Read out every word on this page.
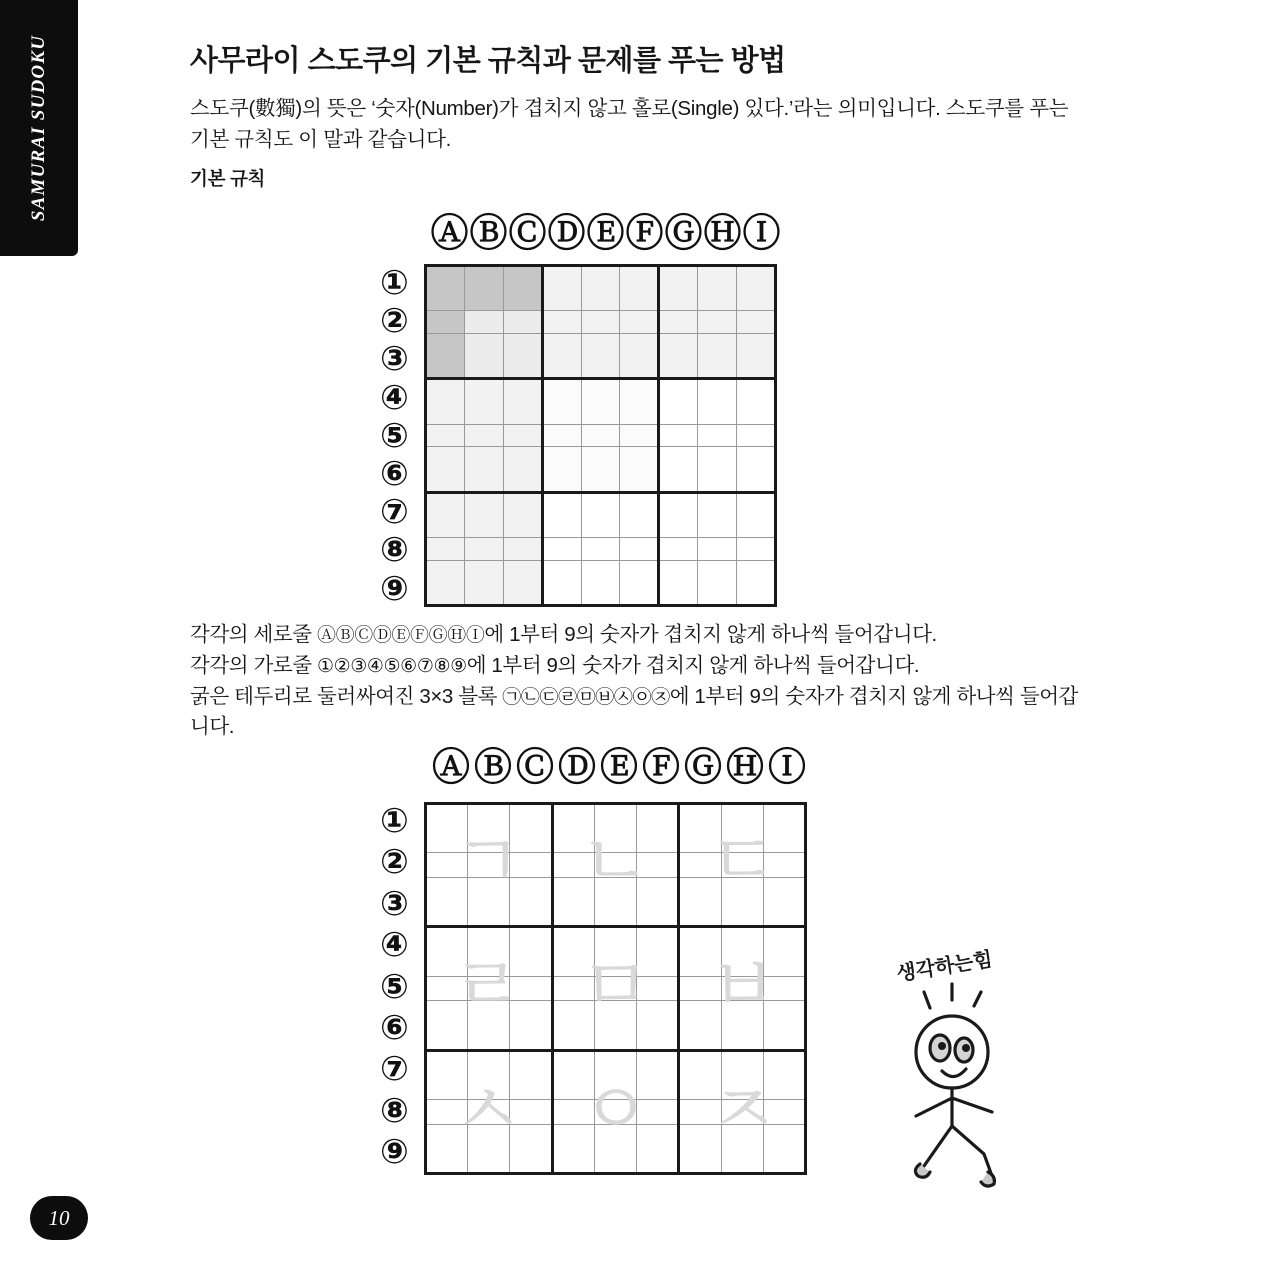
SAMURAI SUDOKU	사무라이 스도쿠의 기본 규칙과 문제를 푸는 방법

스도쿠(數獨)의 뜻은 ‘숫자(Number)가 겹치지 않고 홀로(Single) 있다.’라는 의미입니다. 스도쿠를 푸는 기본 규칙도 이 말과 같습니다.

기본 규칙

Ⓐ Ⓑ Ⓒ Ⓓ Ⓔ Ⓕ Ⓖ Ⓗ Ⓘ
①
②
③
④
⑤
⑥
⑦
⑧
⑨

각각의 세로줄 ⒶⒷⒸⒹⒺⒻⒼⒽⒾ에 1부터 9의 숫자가 겹치지 않게 하나씩 들어갑니다.
각각의 가로줄 ①②③④⑤⑥⑦⑧⑨에 1부터 9의 숫자가 겹치지 않게 하나씩 들어갑니다.
굵은 테두리로 둘러싸여진 3×3 블록 ㉠㉡㉢㉣㉤㉥㉦㉧㉨에 1부터 9의 숫자가 겹치지 않게 하나씩 들어갑니다.
Ⓐ Ⓑ Ⓒ Ⓓ Ⓔ Ⓕ Ⓖ Ⓗ Ⓘ
①
②
③
④
⑤
⑥
⑦
⑧
⑨

ㄱ ㄴ ㄷ
ㄹ ㅁ ㅂ
ㅅ ㅇ ㅈ
생각하는힘
10
